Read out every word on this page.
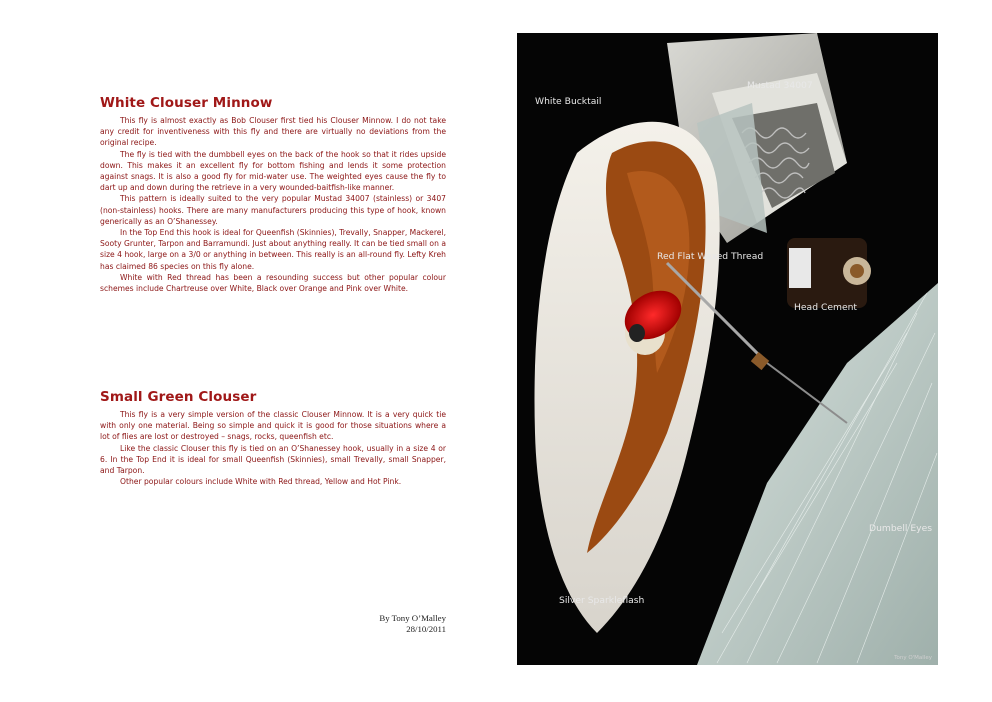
White Clouser Minnow

This fly is almost exactly as Bob Clouser first tied his Clouser Minnow. I do not take any credit for inventiveness with this fly and there are virtually no deviations from the original recipe.

The fly is tied with the dumbbell eyes on the back of the hook so that it rides upside down. This makes it an excellent fly for bottom fishing and lends it some protection against snags. It is also a good fly for mid-water use. The weighted eyes cause the fly to dart up and down during the retrieve in a very wounded-baitfish-like manner.

This pattern is ideally suited to the very popular Mustad 34007 (stainless) or 3407 (non-stainless) hooks. There are many manufacturers producing this type of hook, known generically as an O’Shanessey.

In the Top End this hook is ideal for Queenfish (Skinnies), Trevally, Snapper, Mackerel, Sooty Grunter, Tarpon and Barramundi. Just about anything really. It can be tied small on a size 4 hook, large on a 3/0 or anything in between. This really is an all-round fly. Lefty Kreh has claimed 86 species on this fly alone.

White with Red thread has been a resounding success but other popular colour schemes include Chartreuse over White, Black over Orange and Pink over White.

Small Green Clouser

This fly is a very simple version of the classic Clouser Minnow. It is a very quick tie with only one material. Being so simple and quick it is good for those situations where a lot of flies are lost or destroyed – snags, rocks, queenfish etc.

Like the classic Clouser this fly is tied on an O’Shanessey hook, usually in a size 4 or 6. In the Top End it is ideal for small Queenfish (Skinnies), small Trevally, small Snapper, and Tarpon.

Other popular colours include White with Red thread, Yellow and Hot Pink.

By Tony O’Malley
28/10/2011
White Bucktail
Mustad 34007
Red Flat Waxed Thread
Head Cement
Dumbell Eyes
Silver Sparkleflash
Tony O'Malley
